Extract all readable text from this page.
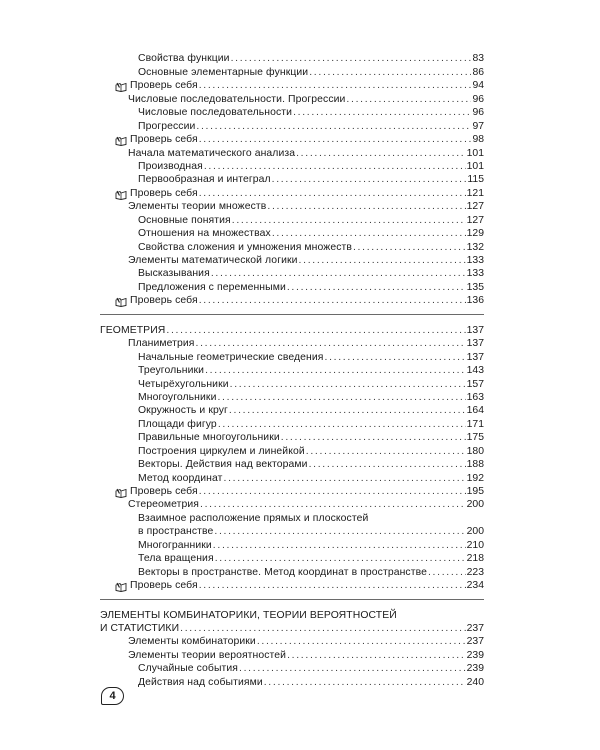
Свойства функции . . .	83
Основные элементарные функции . . .	86
Проверь себя . . .	94
Числовые последовательности. Прогрессии . . .	96
Числовые последовательности . . .	96
Прогрессии . . .	97
Проверь себя . . .	98
Начала математического анализа . . .	101
Производная . . .	101
Первообразная и интеграл . . .	115
Проверь себя . . .	121
Элементы теории множеств . . .	127
Основные понятия . . .	127
Отношения на множествах . . .	129
Свойства сложения и умножения множеств . . .	132
Элементы математической логики . . .	133
Высказывания . . .	133
Предложения с переменными . . .	135
Проверь себя . . .	136
ГЕОМЕТРИЯ . . .	137
Планиметрия . . .	137
Начальные геометрические сведения . . .	137
Треугольники . . .	143
Четырёхугольники . . .	157
Многоугольники . . .	163
Окружность и круг . . .	164
Площади фигур . . .	171
Правильные многоугольники . . .	175
Построения циркулем и линейкой . . .	180
Векторы. Действия над векторами . . .	188
Метод координат . . .	192
Проверь себя . . .	195
Стереометрия . . .	200
Взаимное расположение прямых и плоскостей
в пространстве . . .	200
Многогранники . . .	210
Тела вращения . . .	218
Векторы в пространстве. Метод координат в пространстве . . .	223
Проверь себя . . .	234
ЭЛЕМЕНТЫ КОМБИНАТОРИКИ, ТЕОРИИ ВЕРОЯТНОСТЕЙ
И СТАТИСТИКИ . . .	237
Элементы комбинаторики . . .	237
Элементы теории вероятностей . . .	239
Случайные события . . .	239
Действия над событиями . . .	240
4
